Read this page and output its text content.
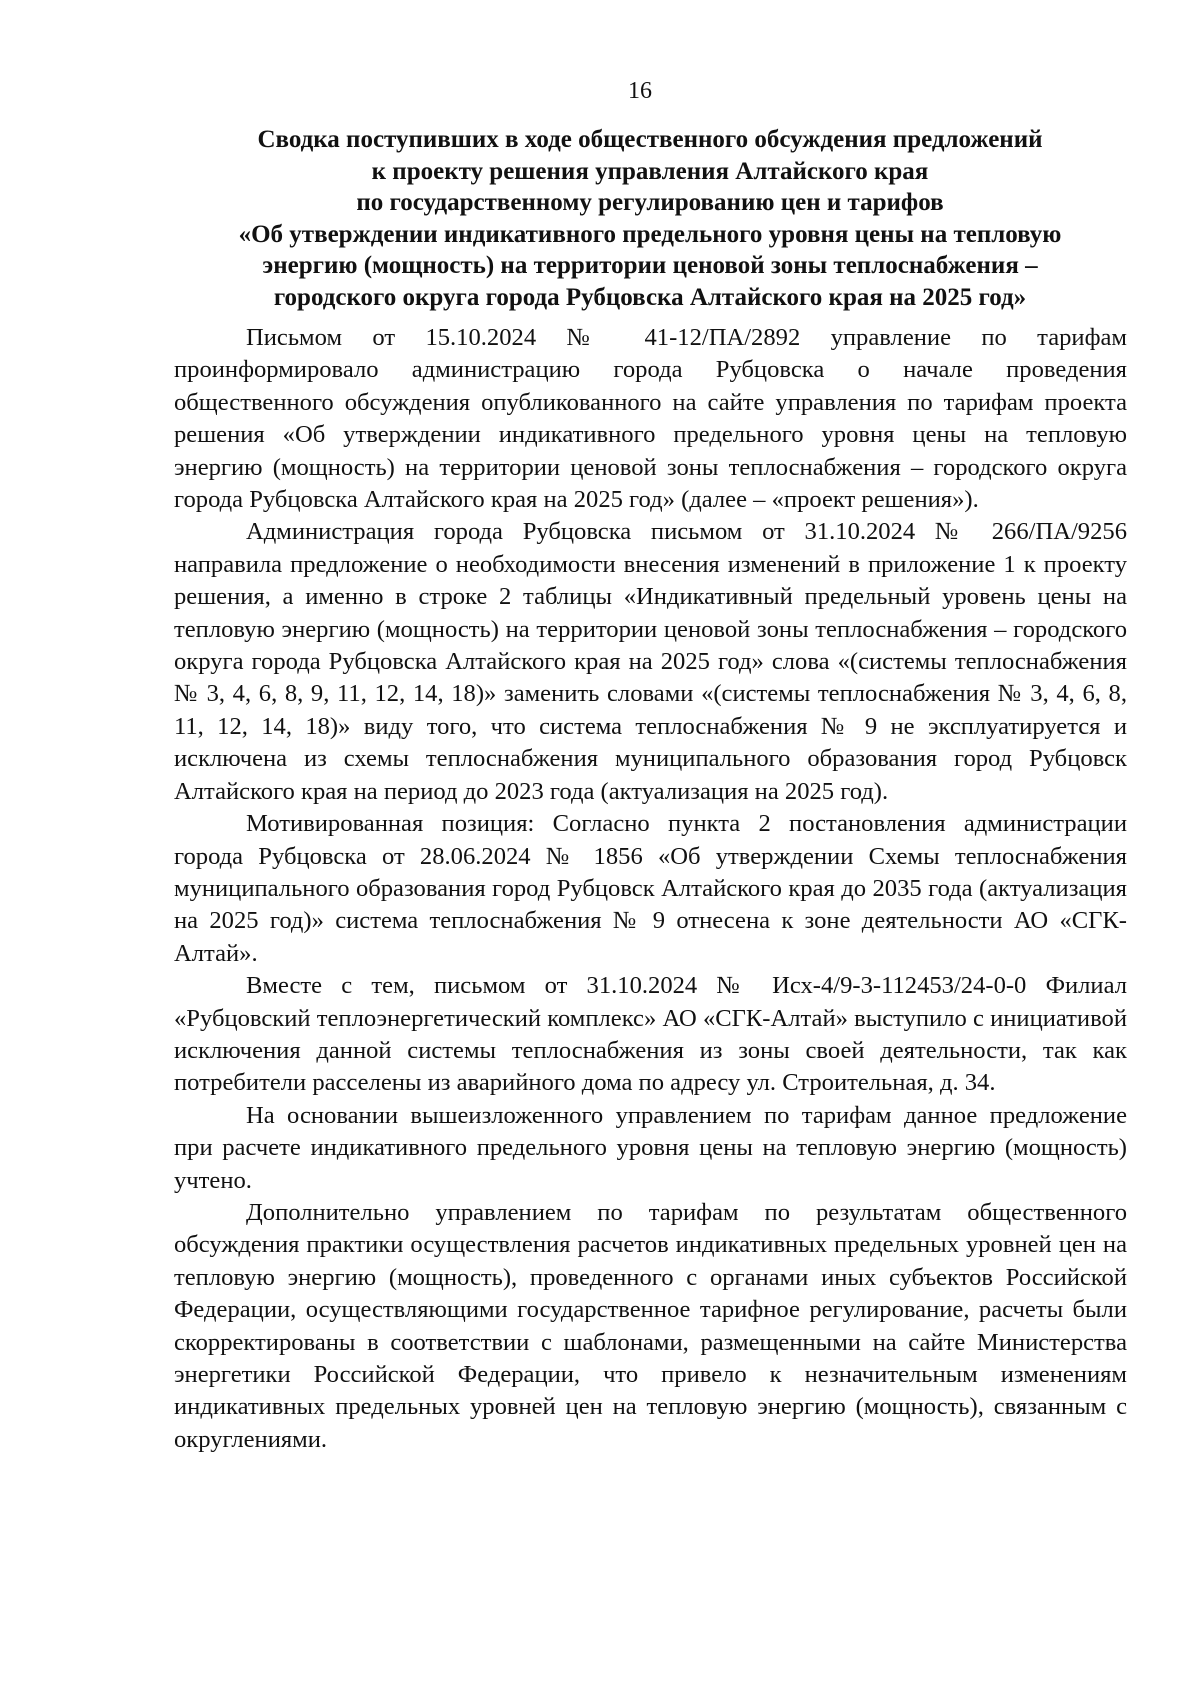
16
Сводка поступивших в ходе общественного обсуждения предложений
к проекту решения управления Алтайского края
по государственному регулированию цен и тарифов
«Об утверждении индикативного предельного уровня цены на тепловую
энергию (мощность) на территории ценовой зоны теплоснабжения –
городского округа города Рубцовска Алтайского края на 2025 год»

Письмом от 15.10.2024 № 41-12/ПА/2892 управление по тарифам проинформировало администрацию города Рубцовска о начале проведения общественного обсуждения опубликованного на сайте управления по тарифам проекта решения «Об утверждении индикативного предельного уровня цены на тепловую энергию (мощность) на территории ценовой зоны теплоснабжения – городского округа города Рубцовска Алтайского края на 2025 год» (далее – «проект решения»).

Администрация города Рубцовска письмом от 31.10.2024 № 266/ПА/9256 направила предложение о необходимости внесения изменений в приложение 1 к проекту решения, а именно в строке 2 таблицы «Индикативный предельный уровень цены на тепловую энергию (мощность) на территории ценовой зоны теплоснабжения – городского округа города Рубцовска Алтайского края на 2025 год» слова «(системы теплоснабжения № 3, 4, 6, 8, 9, 11, 12, 14, 18)» заменить словами «(системы теплоснабжения № 3, 4, 6, 8, 11, 12, 14, 18)» виду того, что система теплоснабжения № 9 не эксплуатируется и исключена из схемы теплоснабжения муниципального образования город Рубцовск Алтайского края на период до 2023 года (актуализация на 2025 год).

Мотивированная позиция: Согласно пункта 2 постановления администрации города Рубцовска от 28.06.2024 № 1856 «Об утверждении Схемы теплоснабжения муниципального образования город Рубцовск Алтайского края до 2035 года (актуализация на 2025 год)» система теплоснабжения № 9 отнесена к зоне деятельности АО «СГК-Алтай».

Вместе с тем, письмом от 31.10.2024 № Исх-4/9-3-112453/24-0-0 Филиал «Рубцовский теплоэнергетический комплекс» АО «СГК-Алтай» выступило с инициативой исключения данной системы теплоснабжения из зоны своей деятельности, так как потребители расселены из аварийного дома по адресу ул. Строительная, д. 34.

На основании вышеизложенного управлением по тарифам данное предложение при расчете индикативного предельного уровня цены на тепловую энергию (мощность) учтено.

Дополнительно управлением по тарифам по результатам общественного обсуждения практики осуществления расчетов индикативных предельных уровней цен на тепловую энергию (мощность), проведенного с органами иных субъектов Российской Федерации, осуществляющими государственное тарифное регулирование, расчеты были скорректированы в соответствии с шаблонами, размещенными на сайте Министерства энергетики Российской Федерации, что привело к незначительным изменениям индикативных предельных уровней цен на тепловую энергию (мощность), связанным с округлениями.
